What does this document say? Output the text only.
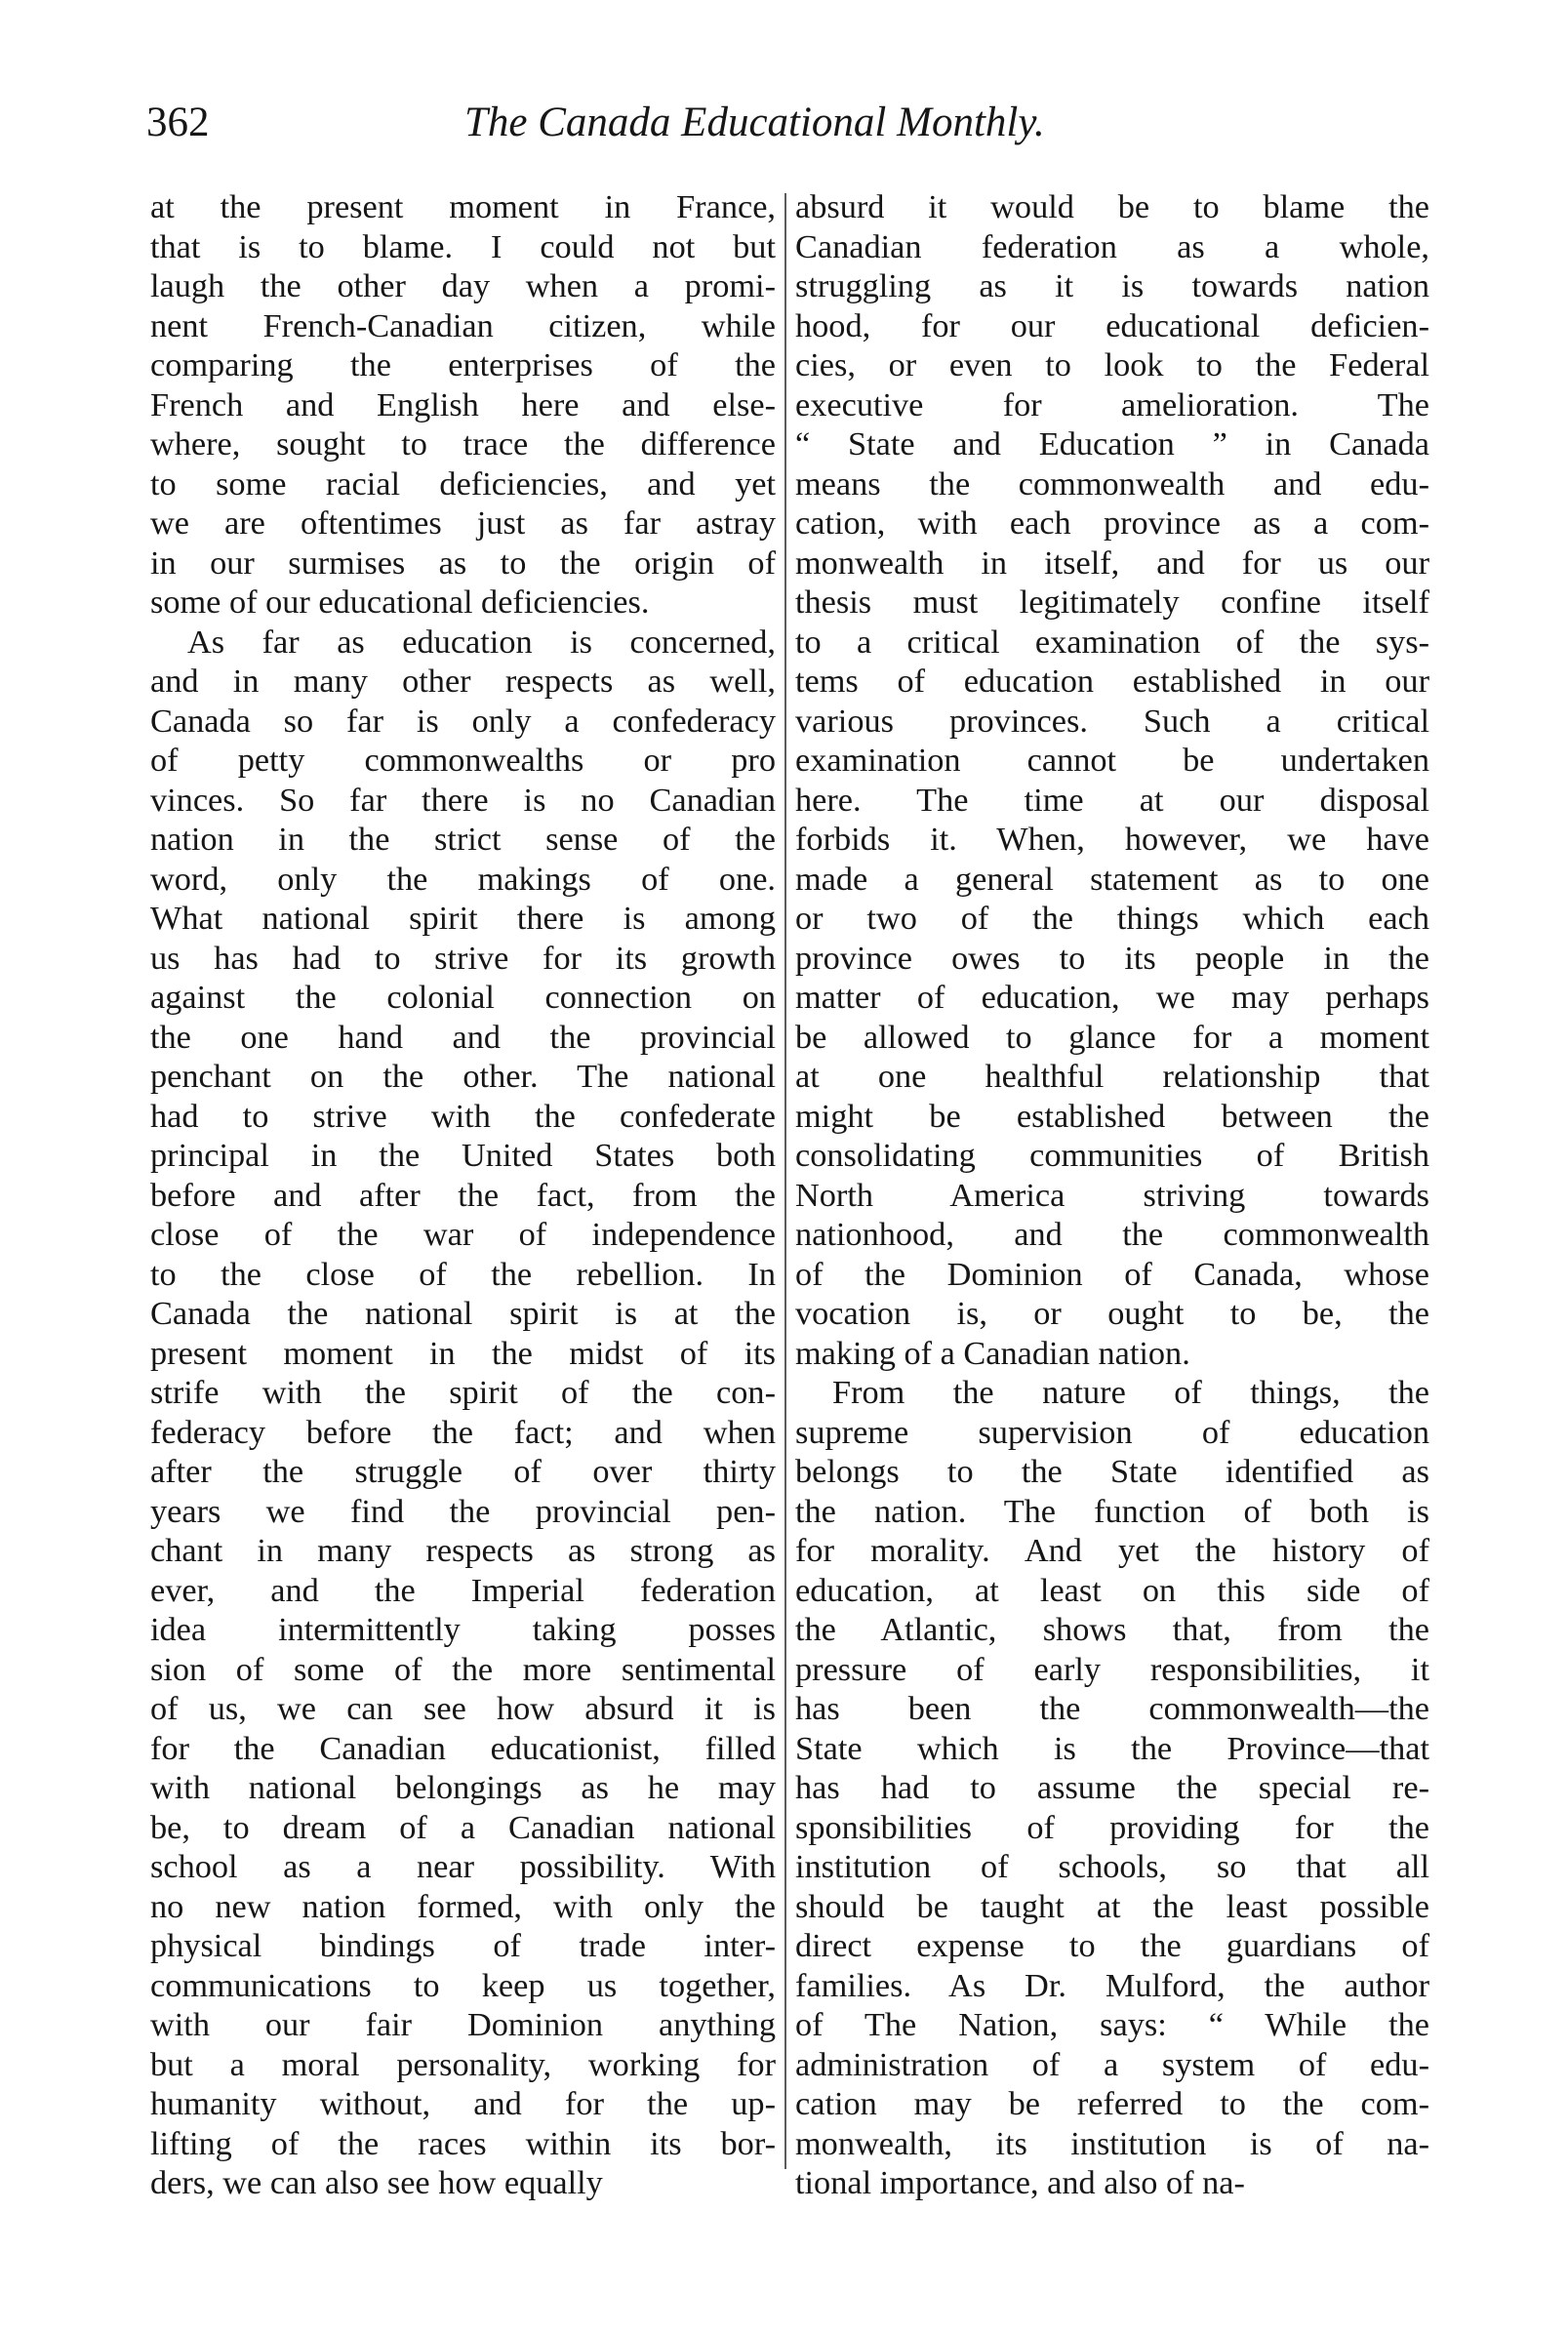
362	The Canada Educational Monthly.
at the present moment in France,
that is to blame. I could not but
laugh the other day when a promi-
nent French-Canadian citizen, while
comparing the enterprises of the
French and English here and else-
where, sought to trace the difference
to some racial deficiencies, and yet
we are oftentimes just as far astray
in our surmises as to the origin of
some of our educational deficiencies.
As far as education is concerned,
and in many other respects as well,
Canada so far is only a confederacy
of petty commonwealths or pro
vinces. So far there is no Canadian
nation in the strict sense of the
word, only the makings of one.
What national spirit there is among
us has had to strive for its growth
against the colonial connection on
the one hand and the provincial
penchant on the other. The national
had to strive with the confederate
principal in the United States both
before and after the fact, from the
close of the war of independence
to the close of the rebellion. In
Canada the national spirit is at the
present moment in the midst of its
strife with the spirit of the con-
federacy before the fact; and when
after the struggle of over thirty
years we find the provincial pen-
chant in many respects as strong as
ever, and the Imperial federation
idea intermittently taking posses
sion of some of the more sentimental
of us, we can see how absurd it is
for the Canadian educationist, filled
with national belongings as he may
be, to dream of a Canadian national
school as a near possibility. With
no new nation formed, with only the
physical bindings of trade inter-
communications to keep us together,
with our fair Dominion anything
but a moral personality, working for
humanity without, and for the up-
lifting of the races within its bor-
ders, we can also see how equally
absurd it would be to blame the
Canadian federation as a whole,
struggling as it is towards nation
hood, for our educational deficien-
cies, or even to look to the Federal
executive for amelioration. The
“ State and Education ” in Canada
means the commonwealth and edu-
cation, with each province as a com-
monwealth in itself, and for us our
thesis must legitimately confine itself
to a critical examination of the sys-
tems of education established in our
various provinces. Such a critical
examination cannot be undertaken
here. The time at our disposal
forbids it. When, however, we have
made a general statement as to one
or two of the things which each
province owes to its people in the
matter of education, we may perhaps
be allowed to glance for a moment
at one healthful relationship that
might be established between the
consolidating communities of British
North America striving towards
nationhood, and the commonwealth
of the Dominion of Canada, whose
vocation is, or ought to be, the
making of a Canadian nation.
From the nature of things, the
supreme supervision of education
belongs to the State identified as
the nation. The function of both is
for morality. And yet the history of
education, at least on this side of
the Atlantic, shows that, from the
pressure of early responsibilities, it
has been the commonwealth—the
State which is the Province—that
has had to assume the special re-
sponsibilities of providing for the
institution of schools, so that all
should be taught at the least possible
direct expense to the guardians of
families. As Dr. Mulford, the author
of The Nation, says: “ While the
administration of a system of edu-
cation may be referred to the com-
monwealth, its institution is of na-
tional importance, and also of na-
